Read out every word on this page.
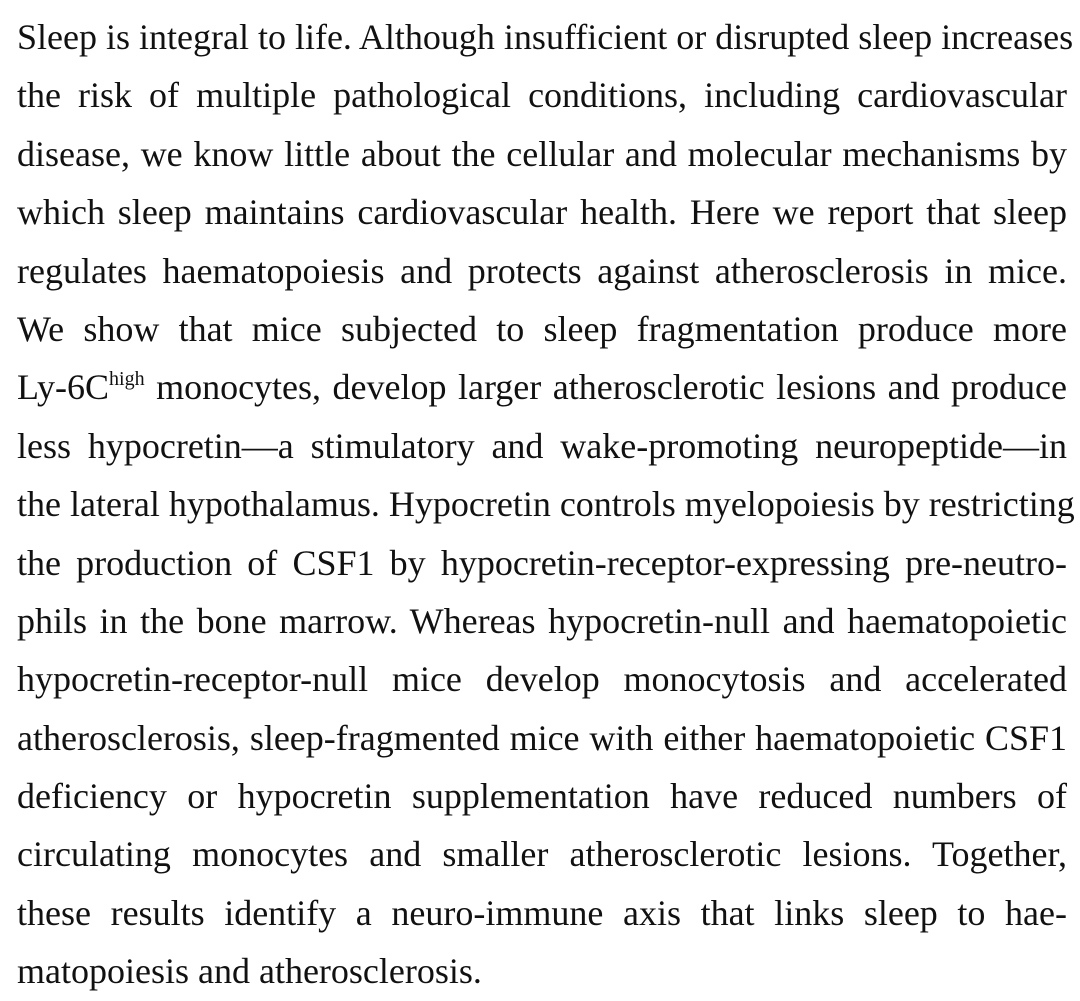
Sleep is integral to life. Although insufficient or disrupted sleep increases
the risk of multiple pathological conditions, including cardiovascular
disease, we know little about the cellular and molecular mechanisms by
which sleep maintains cardiovascular health. Here we report that sleep
regulates haematopoiesis and protects against atherosclerosis in mice.
We show that mice subjected to sleep fragmentation produce more
$Ly-6C^{high}$ monocytes, develop larger atherosclerotic lesions and produce
less hypocretin—a stimulatory and wake-promoting neuropeptide—in
the lateral hypothalamus. Hypocretin controls myelopoiesis by restricting
the production of CSF1 by hypocretin-receptor-expressing pre-neutro-
phils in the bone marrow. Whereas hypocretin-null and haematopoietic
hypocretin-receptor-null mice develop monocytosis and accelerated
atherosclerosis, sleep-fragmented mice with either haematopoietic CSF1
deficiency or hypocretin supplementation have reduced numbers of
circulating monocytes and smaller atherosclerotic lesions. Together,
these results identify a neuro-immune axis that links sleep to hae-
matopoiesis and atherosclerosis.
